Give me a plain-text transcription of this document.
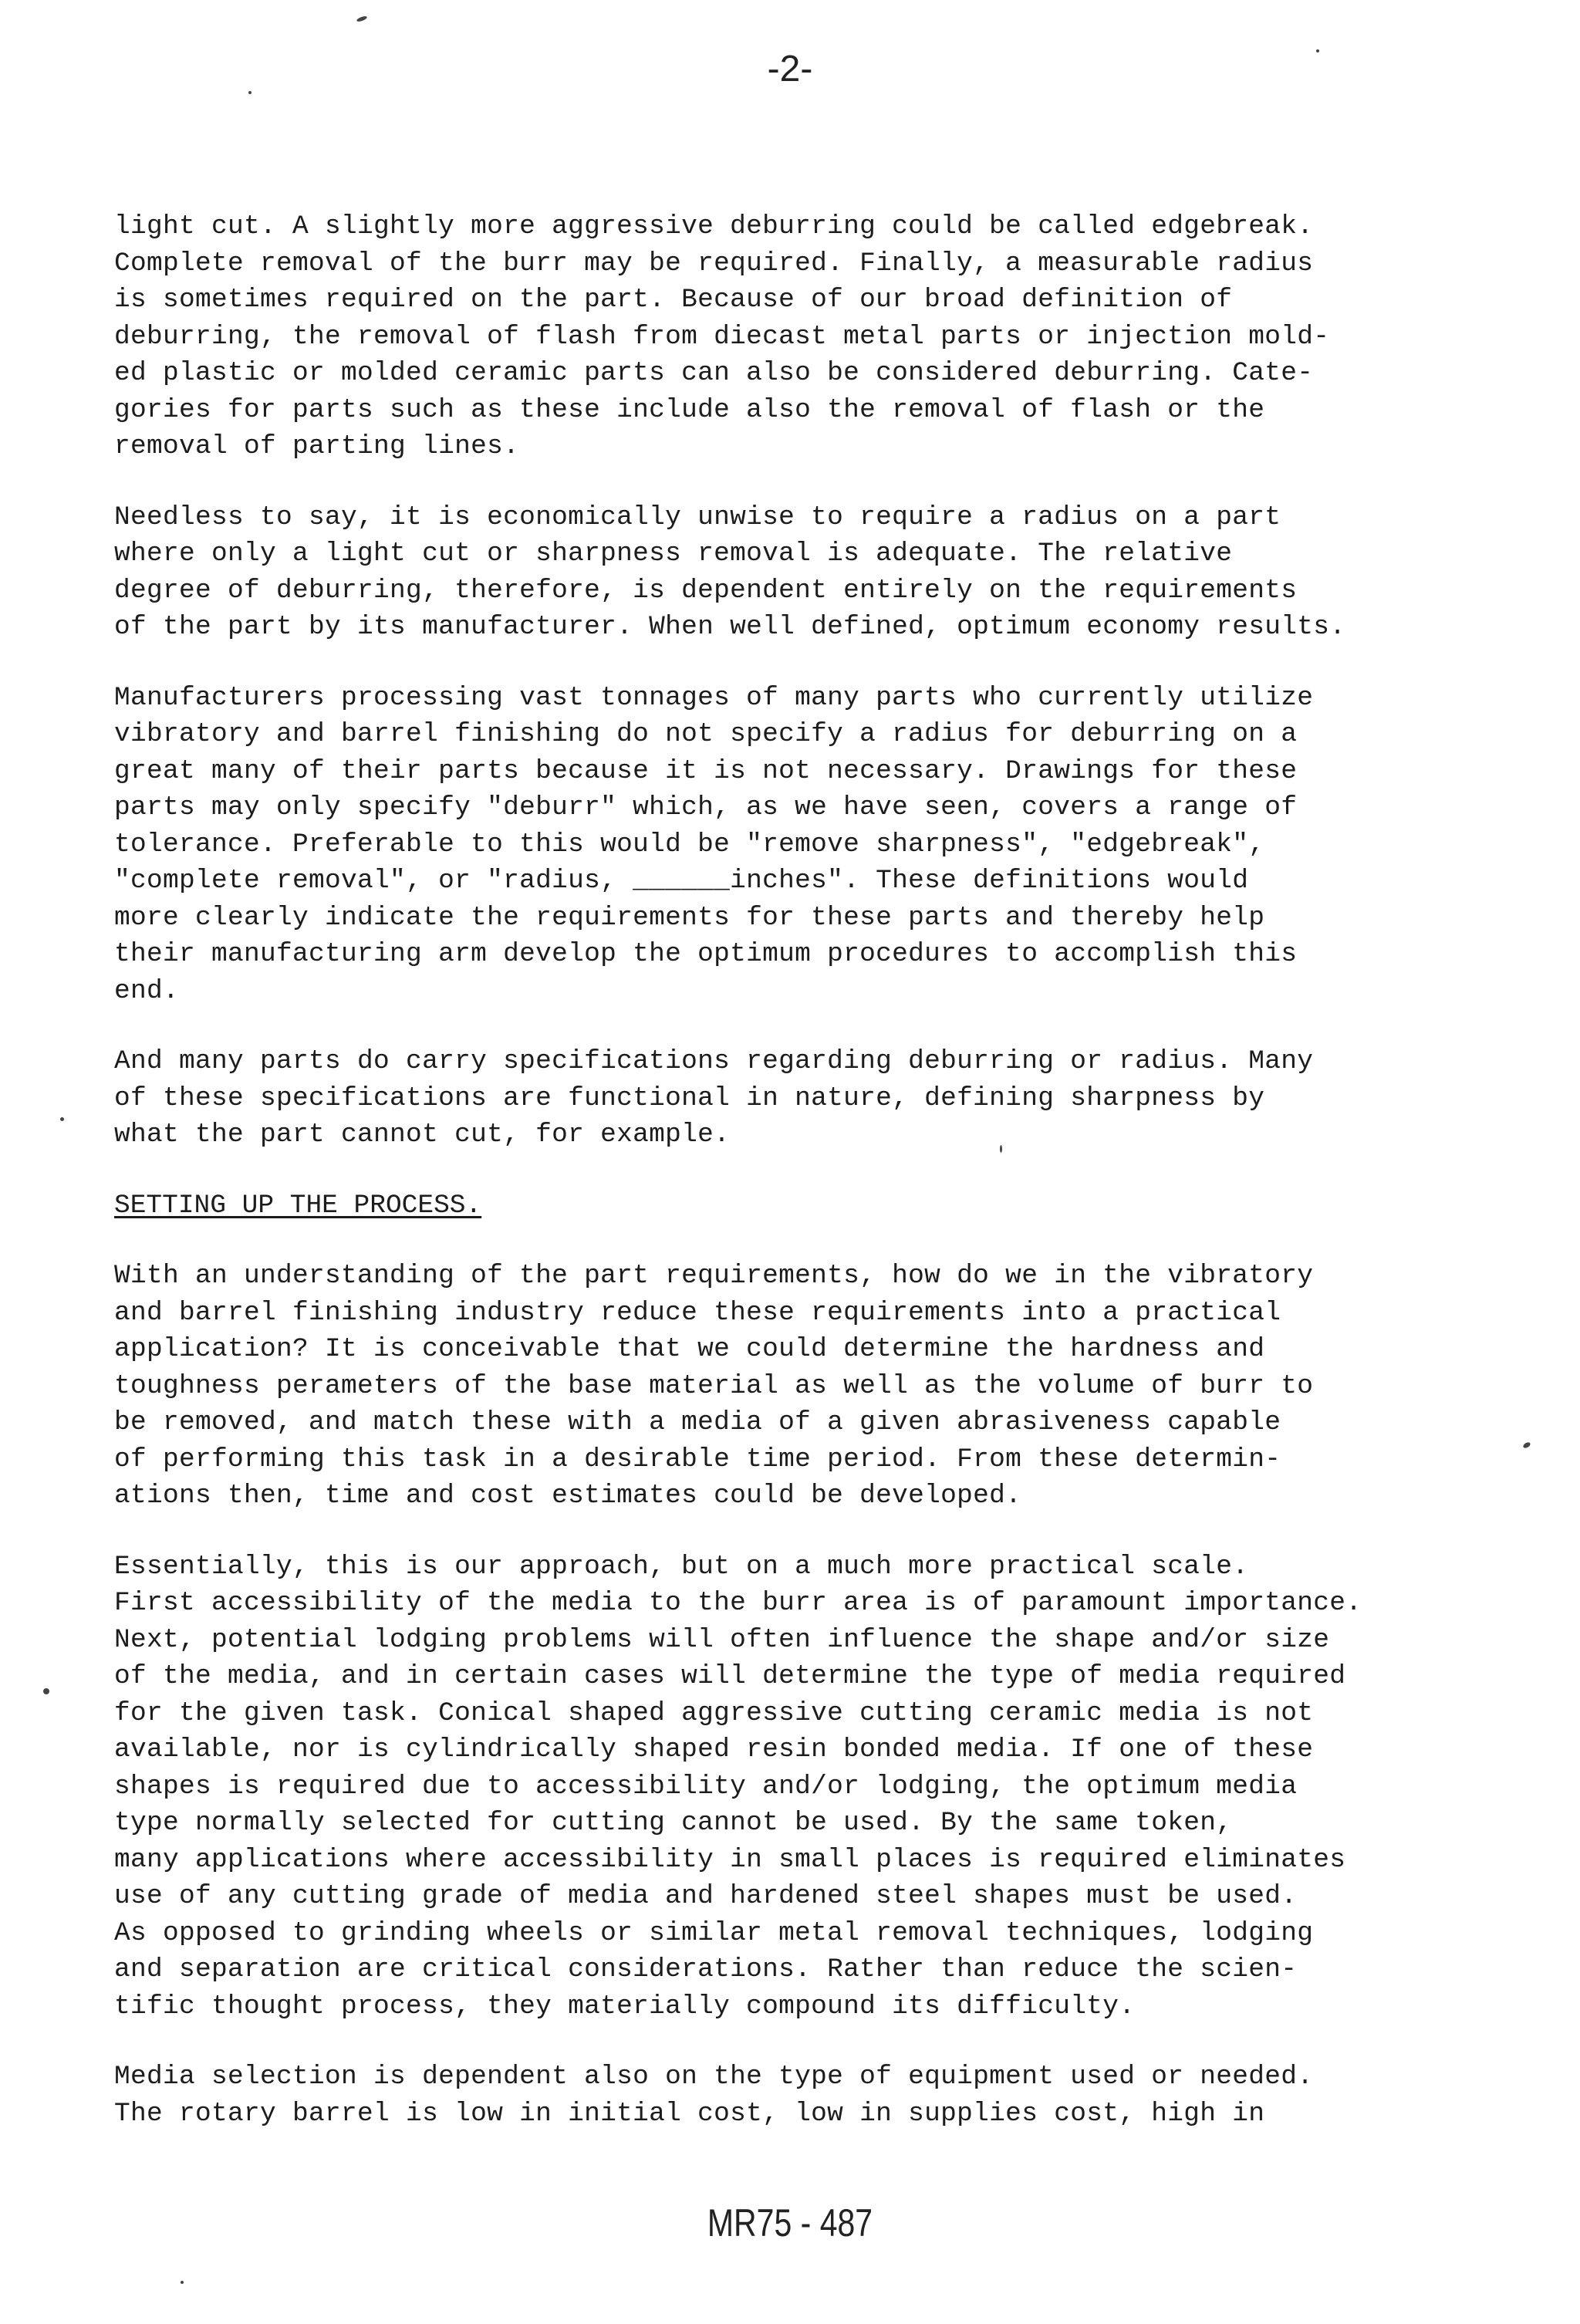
-2-

light cut. A slightly more aggressive deburring could be called edgebreak.
Complete removal of the burr may be required. Finally, a measurable radius
is sometimes required on the part. Because of our broad definition of
deburring, the removal of flash from diecast metal parts or injection mold-
ed plastic or molded ceramic parts can also be considered deburring. Cate-
gories for parts such as these include also the removal of flash or the
removal of parting lines.

Needless to say, it is economically unwise to require a radius on a part
where only a light cut or sharpness removal is adequate. The relative
degree of deburring, therefore, is dependent entirely on the requirements
of the part by its manufacturer. When well defined, optimum economy results.

Manufacturers processing vast tonnages of many parts who currently utilize
vibratory and barrel finishing do not specify a radius for deburring on a
great many of their parts because it is not necessary. Drawings for these
parts may only specify "deburr" which, as we have seen, covers a range of
tolerance. Preferable to this would be "remove sharpness", "edgebreak",
"complete removal", or "radius, ______inches". These definitions would
more clearly indicate the requirements for these parts and thereby help
their manufacturing arm develop the optimum procedures to accomplish this
end.

And many parts do carry specifications regarding deburring or radius. Many
of these specifications are functional in nature, defining sharpness by
what the part cannot cut, for example.

SETTING UP THE PROCESS.

With an understanding of the part requirements, how do we in the vibratory
and barrel finishing industry reduce these requirements into a practical
application? It is conceivable that we could determine the hardness and
toughness perameters of the base material as well as the volume of burr to
be removed, and match these with a media of a given abrasiveness capable
of performing this task in a desirable time period. From these determin-
ations then, time and cost estimates could be developed.

Essentially, this is our approach, but on a much more practical scale.
First accessibility of the media to the burr area is of paramount importance.
Next, potential lodging problems will often influence the shape and/or size
of the media, and in certain cases will determine the type of media required
for the given task. Conical shaped aggressive cutting ceramic media is not
available, nor is cylindrically shaped resin bonded media. If one of these
shapes is required due to accessibility and/or lodging, the optimum media
type normally selected for cutting cannot be used. By the same token,
many applications where accessibility in small places is required eliminates
use of any cutting grade of media and hardened steel shapes must be used.
As opposed to grinding wheels or similar metal removal techniques, lodging
and separation are critical considerations. Rather than reduce the scien-
tific thought process, they materially compound its difficulty.

Media selection is dependent also on the type of equipment used or needed.
The rotary barrel is low in initial cost, low in supplies cost, high in

MR75 - 487
